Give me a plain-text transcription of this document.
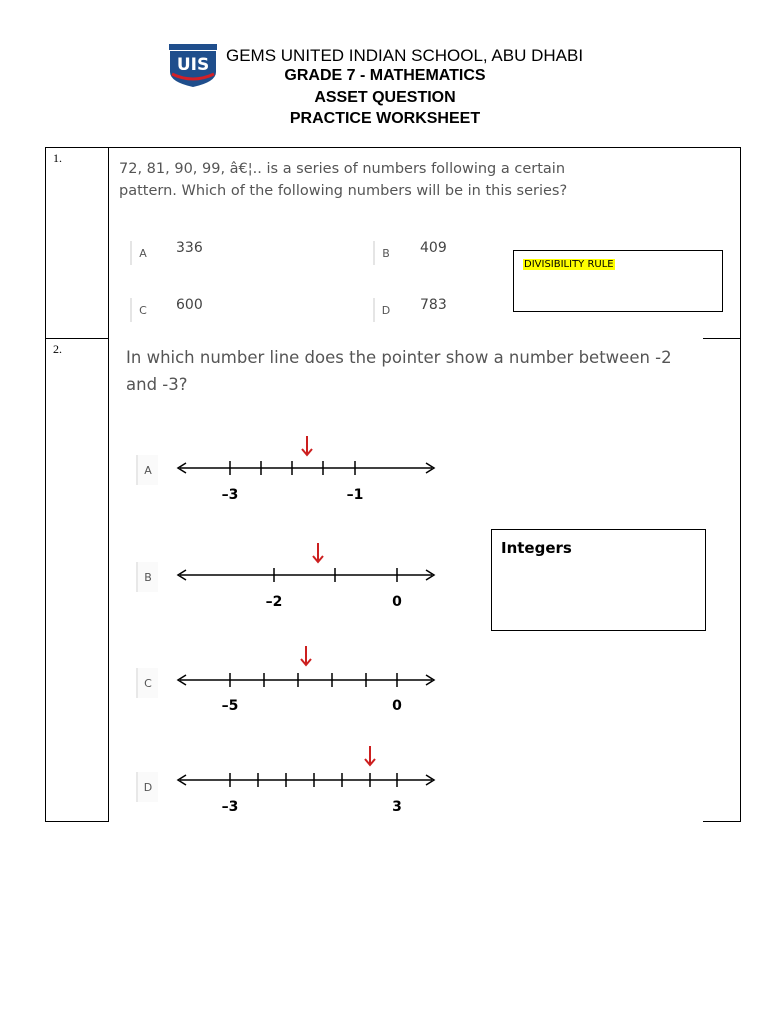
UIS GEMS UNITED INDIAN SCHOOL, ABU DHABI
GRADE 7 - MATHEMATICS
ASSET QUESTION
PRACTICE WORKSHEET
1.
72, 81, 90, 99, â€¦.. is a series of numbers following a certain pattern. Which of the following numbers will be in this series?
A	336	B	409
C	600	D	783
DIVISIBILITY RULE
2.	In which number line does the pointer show a number between -2 and -3?
Integers
A
–3	–1
B
–2	0
C
–5	0
D
–3	3
